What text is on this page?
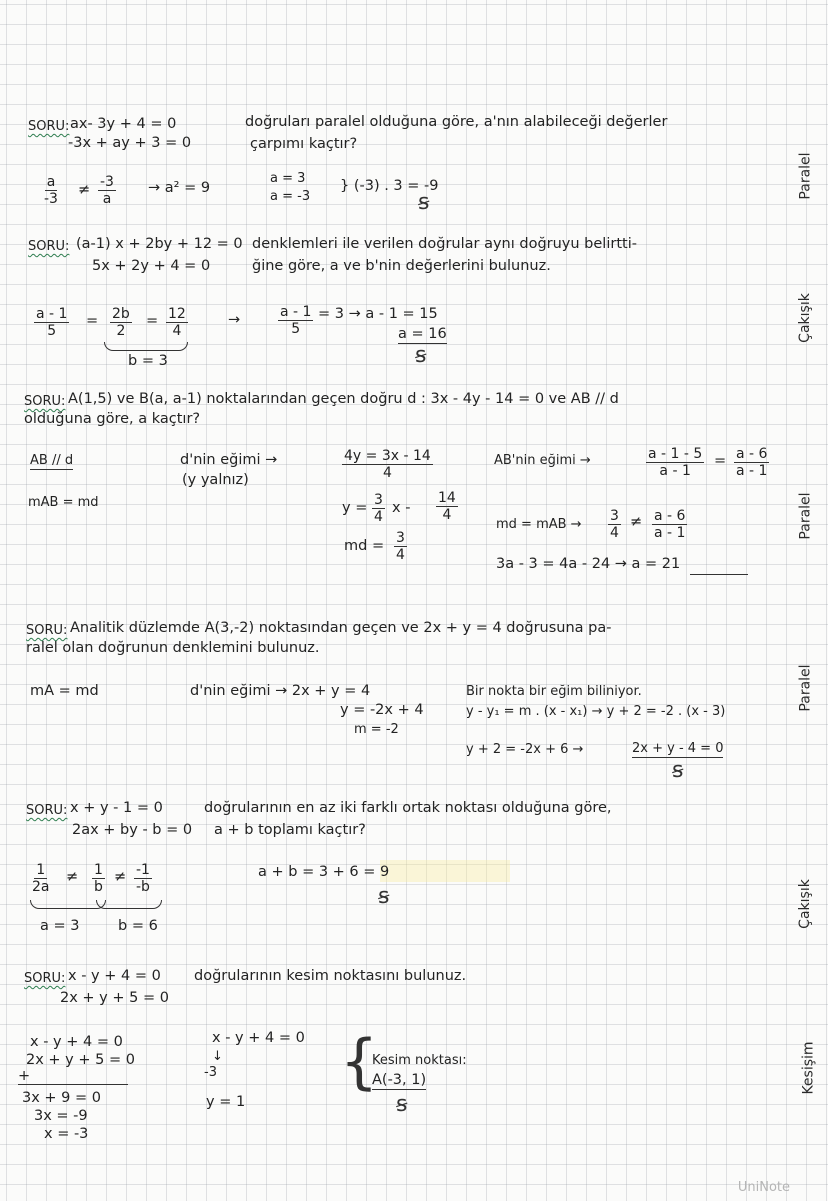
SORU: ax- 3y + 4 = 0
-3x + ay + 3 = 0
doğruları paralel olduğuna göre, a'nın alabileceği değerler
çarpımı kaçtır?
$\frac{a}{-3} \ne \frac{-3}{a} \to a^2 = 9$
a = 3
a = -3
} (-3) . 3 = -9
ꞩ
Paralel
SORU: (a-1) x + 2by + 12 = 0 denklemleri ile verilen doğrular aynı doğruyu belirtti-
5x + 2y + 4 = 0	ğine göre, a ve b'nin değerlerini bulunuz.
$\frac{a - 1}{5} = \frac{2b}{2} = \frac{12}{4}$	→	$\frac{a - 1}{5} = 3 \to a - 1 = 15$
a = 16
ꞩ
b = 3
Çakışık
SORU: A(1,5) ve B(a, a-1) noktalarından geçen doğru d : 3x - 4y - 14 = 0 ve AB // d
olduğuna göre, a kaçtır?
AB // d
mAB = md
d'nin eğimi →
(y yalnız)	$\frac{4y = 3x - 14}{4}$
$y = \frac{3}{4}$ x - $\frac{14}{4}$
md = $\frac{3}{4}$
AB'nin eğimi →	$\frac{a - 1 - 5}{a - 1} = \frac{a - 6}{a - 1}$
md = mAB → $\frac{3}{4} \ne \frac{a - 6}{a - 1}$
3a - 3 = 4a - 24 → a = 21
Paralel
SORU: Analitik düzlemde A(3,-2) noktasından geçen ve 2x + y = 4 doğrusuna pa-
ralel olan doğrunun denklemini bulunuz.
mA = md	d'nin eğimi → 2x + y = 4
y = -2x + 4
m = -2
Bir nokta bir eğim biliniyor.
y - y₁ = m . (x - x₁) → y + 2 = -2 . (x - 3)
y + 2 = -2x + 6 →	2x + y - 4 = 0
ꞩ
Paralel
SORU: x + y - 1 = 0
2ax + by - b = 0
doğrularının en az iki farklı ortak noktası olduğuna göre,
a + b toplamı kaçtır?
$\frac{1}{2a} \ne \frac{1}{b} \ne \frac{-1}{-b}$
a = 3	b = 6
a + b = 3 + 6 = 9
ꞩ	Çakışık
SORU: x - y + 4 = 0
2x + y + 5 = 0
doğrularının kesim noktasını bulunuz.
x - y + 4 = 0
2x + y + 5 = 0
+
3x + 9 = 0
3x = -9
x = -3
x - y + 4 = 0
↓
-3
y = 1
{
Kesim noktası:
A(-3, 1)
ꞩ
Kesişim
UniNote
